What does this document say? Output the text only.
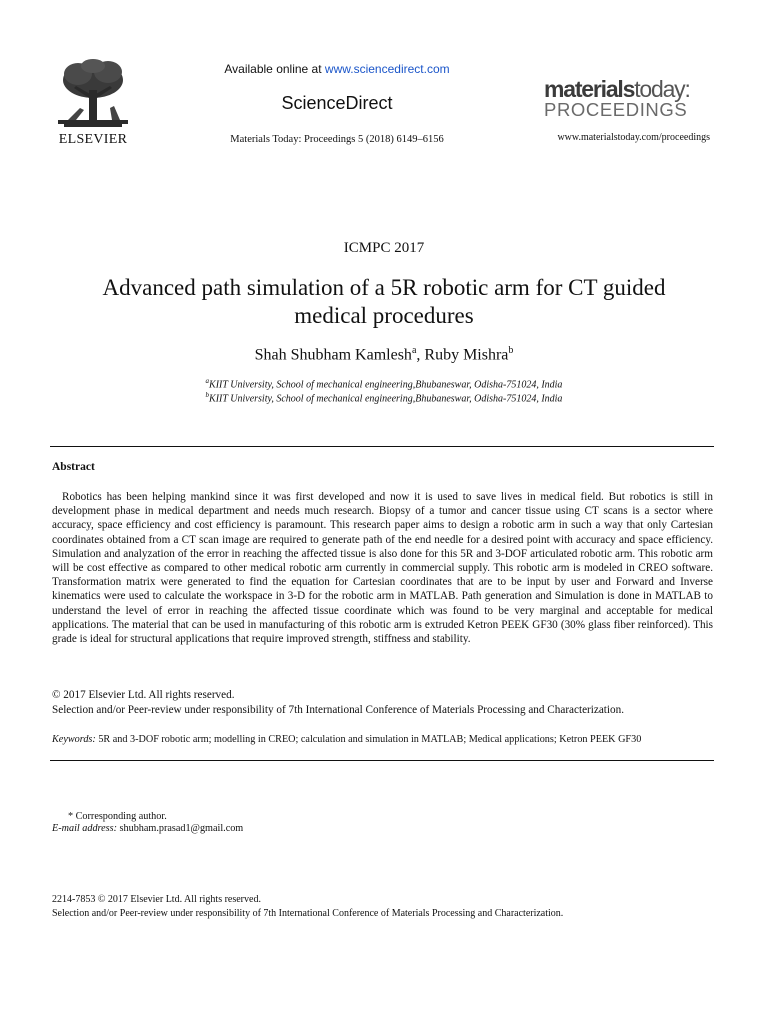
ELSEVIER
Available online at www.sciencedirect.com
ScienceDirect
Materials Today: Proceedings 5 (2018) 6149–6156
materialstoday:
PROCEEDINGS
www.materialstoday.com/proceedings
ICMPC 2017
Advanced path simulation of a 5R robotic arm for CT guided medical procedures
Shah Shubham Kamlesh$^a$, Ruby Mishra$^b$
$^a$KIIT University, School of mechanical engineering,Bhubaneswar, Odisha-751024, India
$^b$KIIT University, School of mechanical engineering,Bhubaneswar, Odisha-751024, India
Abstract
Robotics has been helping mankind since it was first developed and now it is used to save lives in medical field. But robotics is still in development phase in medical department and needs much research. Biopsy of a tumor and cancer tissue using CT scans is a sector where accuracy, space efficiency and cost efficiency is paramount. This research paper aims to design a robotic arm in such a way that only Cartesian coordinates obtained from a CT scan image are required to generate path of the end needle for a desired point with accuracy and space efficiency. Simulation and analyzation of the error in reaching the affected tissue is also done for this 5R and 3-DOF articulated robotic arm. This robotic arm will be cost effective as compared to other medical robotic arm currently in commercial supply. This robotic arm is modeled in CREO software. Transformation matrix were generated to find the equation for Cartesian coordinates that are to be input by user and Forward and Inverse kinematics were used to calculate the workspace in 3-D for the robotic arm in MATLAB. Path generation and Simulation is done in MATLAB to understand the level of error in reaching the affected tissue coordinate which was found to be very marginal and acceptable for medical applications. The material that can be used in manufacturing of this robotic arm is extruded Ketron PEEK GF30 (30% glass fiber reinforced). This grade is ideal for structural applications that require improved strength, stiffness and stability.
© 2017 Elsevier Ltd. All rights reserved.
Selection and/or Peer-review under responsibility of 7th International Conference of Materials Processing and Characterization.
Keywords: 5R and 3-DOF robotic arm; modelling in CREO; calculation and simulation in MATLAB; Medical applications; Ketron PEEK GF30
* Corresponding author.
E-mail address: shubham.prasad1@gmail.com
2214-7853 © 2017 Elsevier Ltd. All rights reserved.
Selection and/or Peer-review under responsibility of 7th International Conference of Materials Processing and Characterization.
